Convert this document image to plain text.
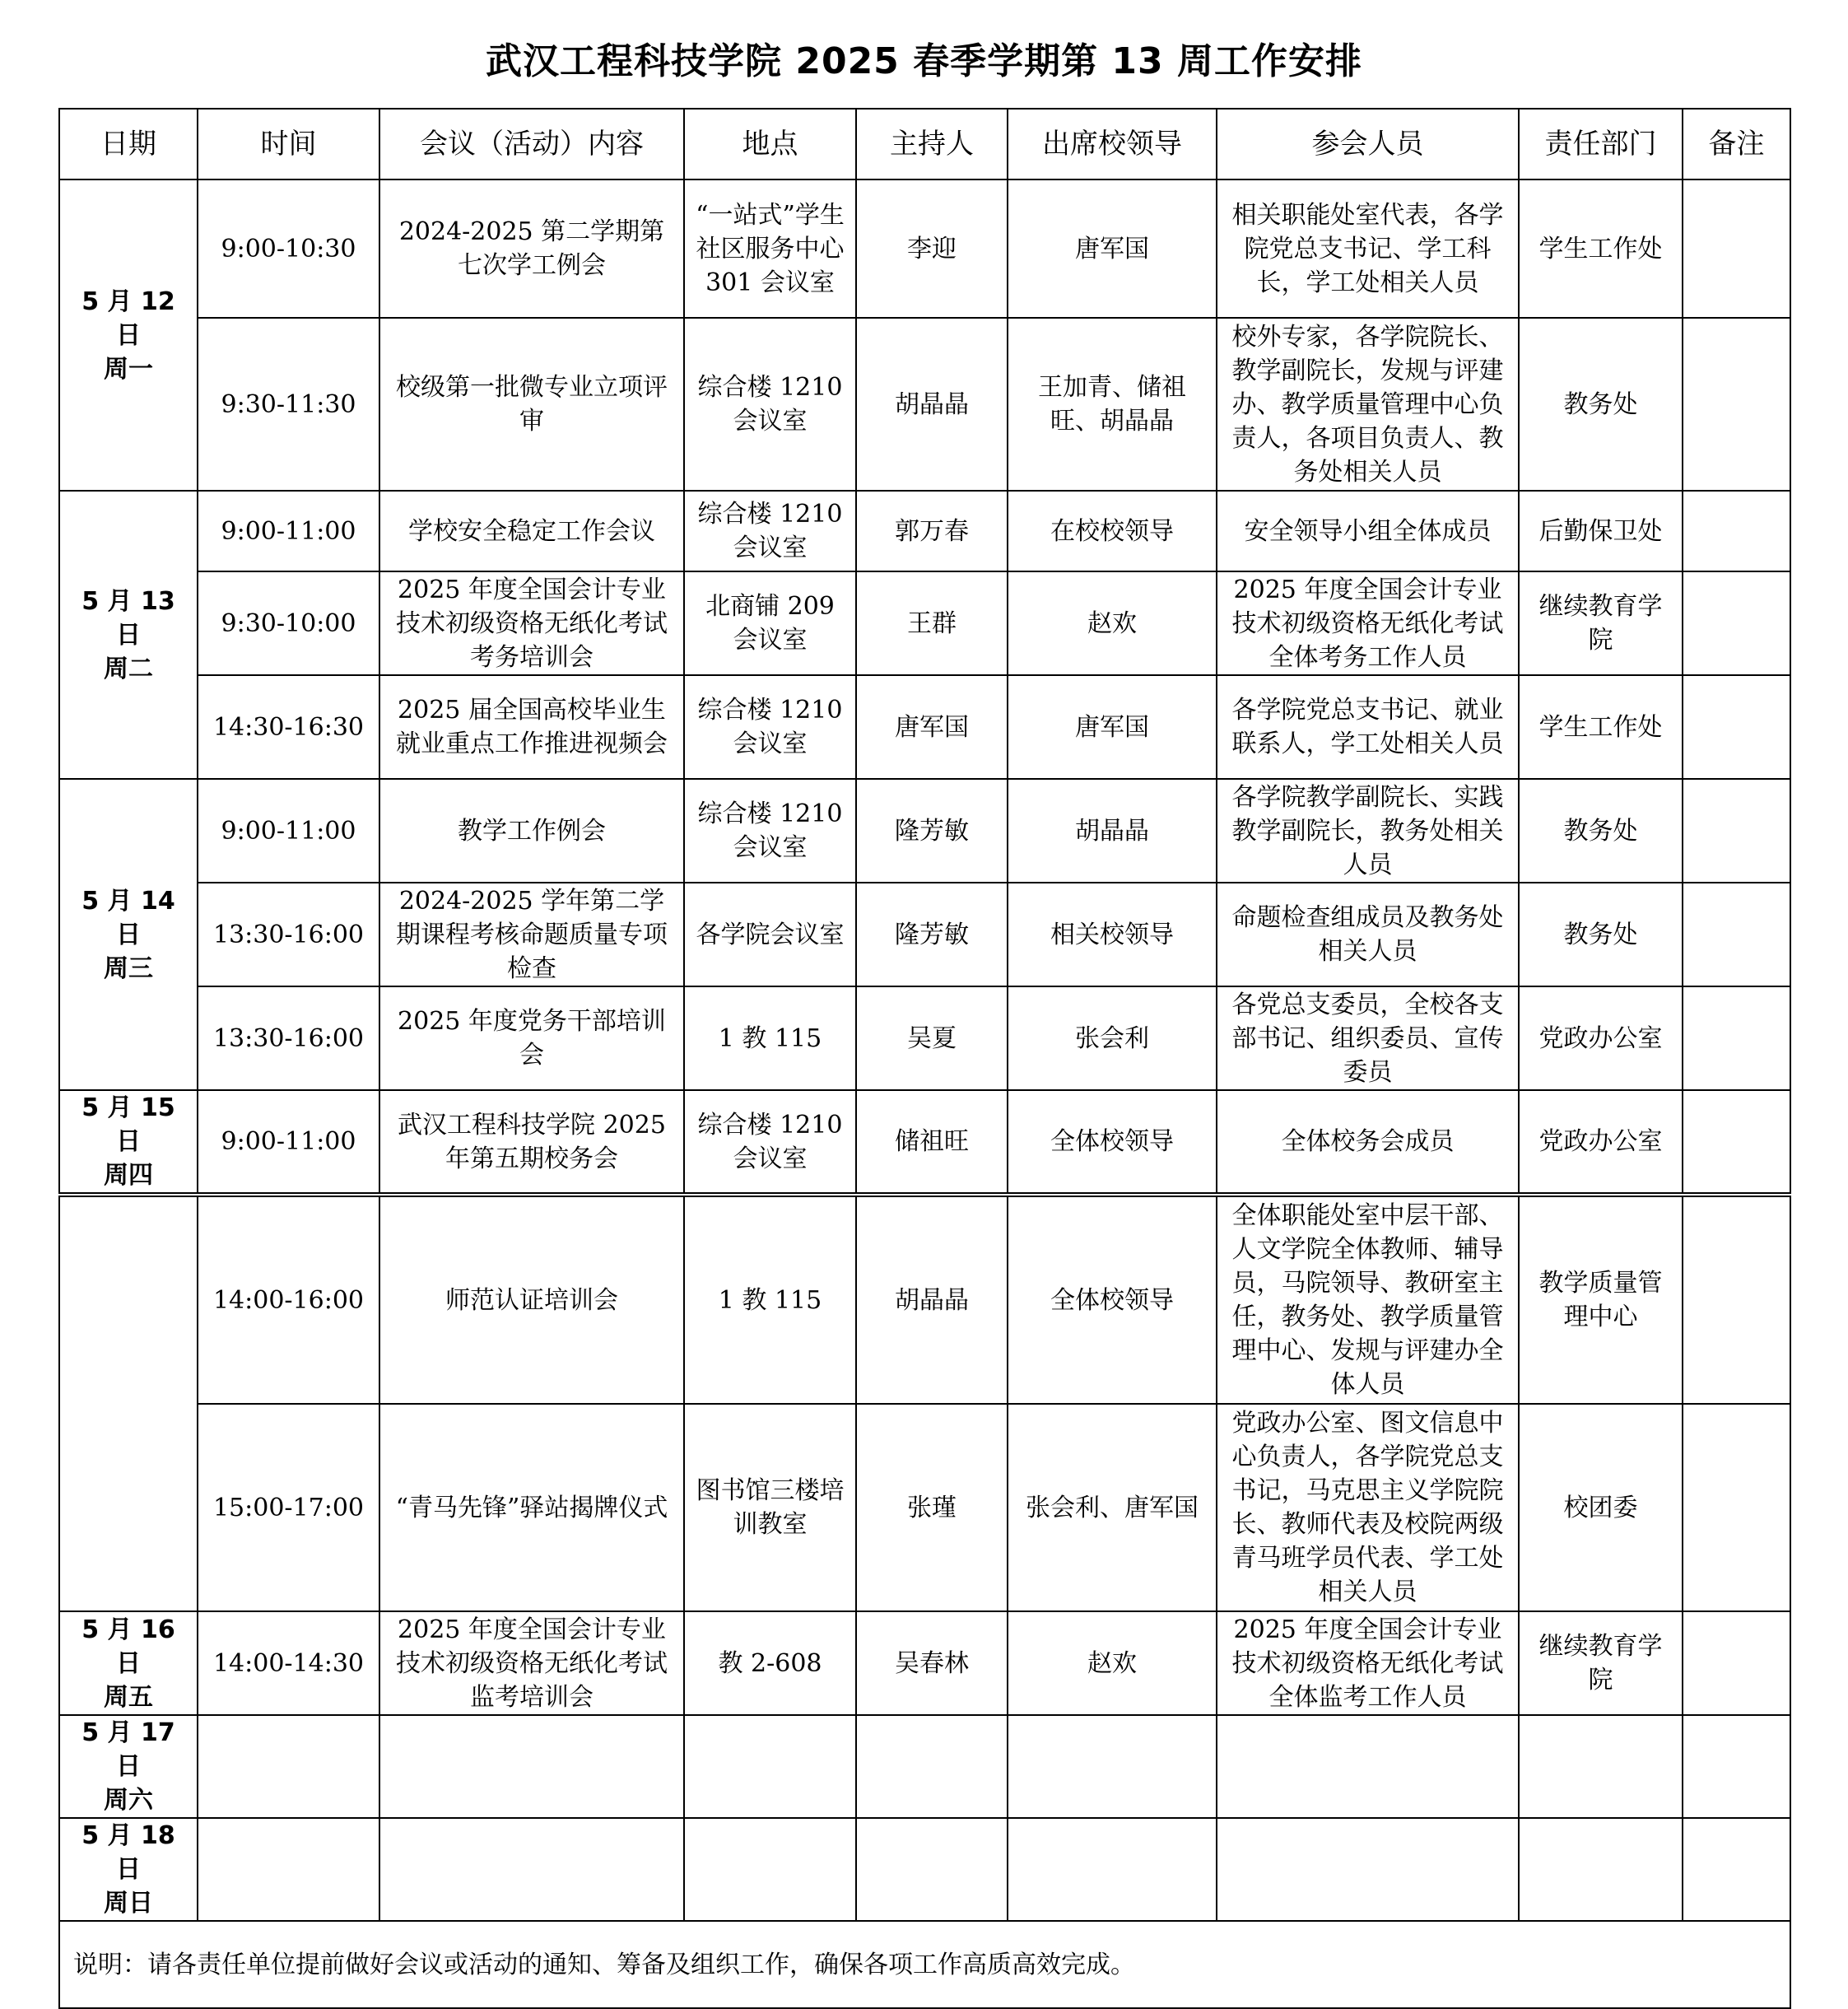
武汉工程科技学院 2025 春季学期第 13 周工作安排
日期	时间	会议（活动）内容	地点	主持人	出席校领导	参会人员	责任部门	备注

5 月 12 日
周一	9:00-10:30	2024-2025 第二学期第七次学工例会	“一站式”学生社区服务中心 301 会议室	李迎	唐军国	相关职能处室代表，各学院党总支书记、学工科长，学工处相关人员	学生工作处	
	9:30-11:30	校级第一批微专业立项评审	综合楼 1210 会议室	胡晶晶	王加青、储祖旺、胡晶晶	校外专家，各学院院长、教学副院长，发规与评建办、教学质量管理中心负责人，各项目负责人、教务处相关人员	教务处	

5 月 13 日
周二	9:00-11:00	学校安全稳定工作会议	综合楼 1210 会议室	郭万春	在校校领导	安全领导小组全体成员	后勤保卫处	
	9:30-10:00	2025 年度全国会计专业技术初级资格无纸化考试考务培训会	北商铺 209 会议室	王群	赵欢	2025 年度全国会计专业技术初级资格无纸化考试全体考务工作人员	继续教育学院	
	14:30-16:30	2025 届全国高校毕业生就业重点工作推进视频会	综合楼 1210 会议室	唐军国	唐军国	各学院党总支书记、就业联系人，学工处相关人员	学生工作处	

5 月 14 日
周三	9:00-11:00	教学工作例会	综合楼 1210 会议室	隆芳敏	胡晶晶	各学院教学副院长、实践教学副院长，教务处相关人员	教务处	
	13:30-16:00	2024-2025 学年第二学期课程考核命题质量专项检查	各学院会议室	隆芳敏	相关校领导	命题检查组成员及教务处相关人员	教务处	
	13:30-16:00	2025 年度党务干部培训会	1 教 115	吴夏	张会利	各党总支委员，全校各支部书记、组织委员、宣传委员	党政办公室	

5 月 15 日
周四	9:00-11:00	武汉工程科技学院 2025 年第五期校务会	综合楼 1210 会议室	储祖旺	全体校领导	全体校务会成员	党政办公室	
	14:00-16:00	师范认证培训会	1 教 115	胡晶晶	全体校领导	全体职能处室中层干部、人文学院全体教师、辅导员，马院领导、教研室主任，教务处、教学质量管理中心、发规与评建办全体人员	教学质量管理中心	
	15:00-17:00	“青马先锋”驿站揭牌仪式	图书馆三楼培训教室	张瑾	张会利、唐军国	党政办公室、图文信息中心负责人，各学院党总支书记，马克思主义学院院长、教师代表及校院两级青马班学员代表、学工处相关人员	校团委	

5 月 16 日
周五	14:00-14:30	2025 年度全国会计专业技术初级资格无纸化考试监考培训会	教 2-608	吴春林	赵欢	2025 年度全国会计专业技术初级资格无纸化考试全体监考工作人员	继续教育学院	

5 月 17 日
周六								

5 月 18 日
周日								

说明：请各责任单位提前做好会议或活动的通知、筹备及组织工作，确保各项工作高质高效完成。								
